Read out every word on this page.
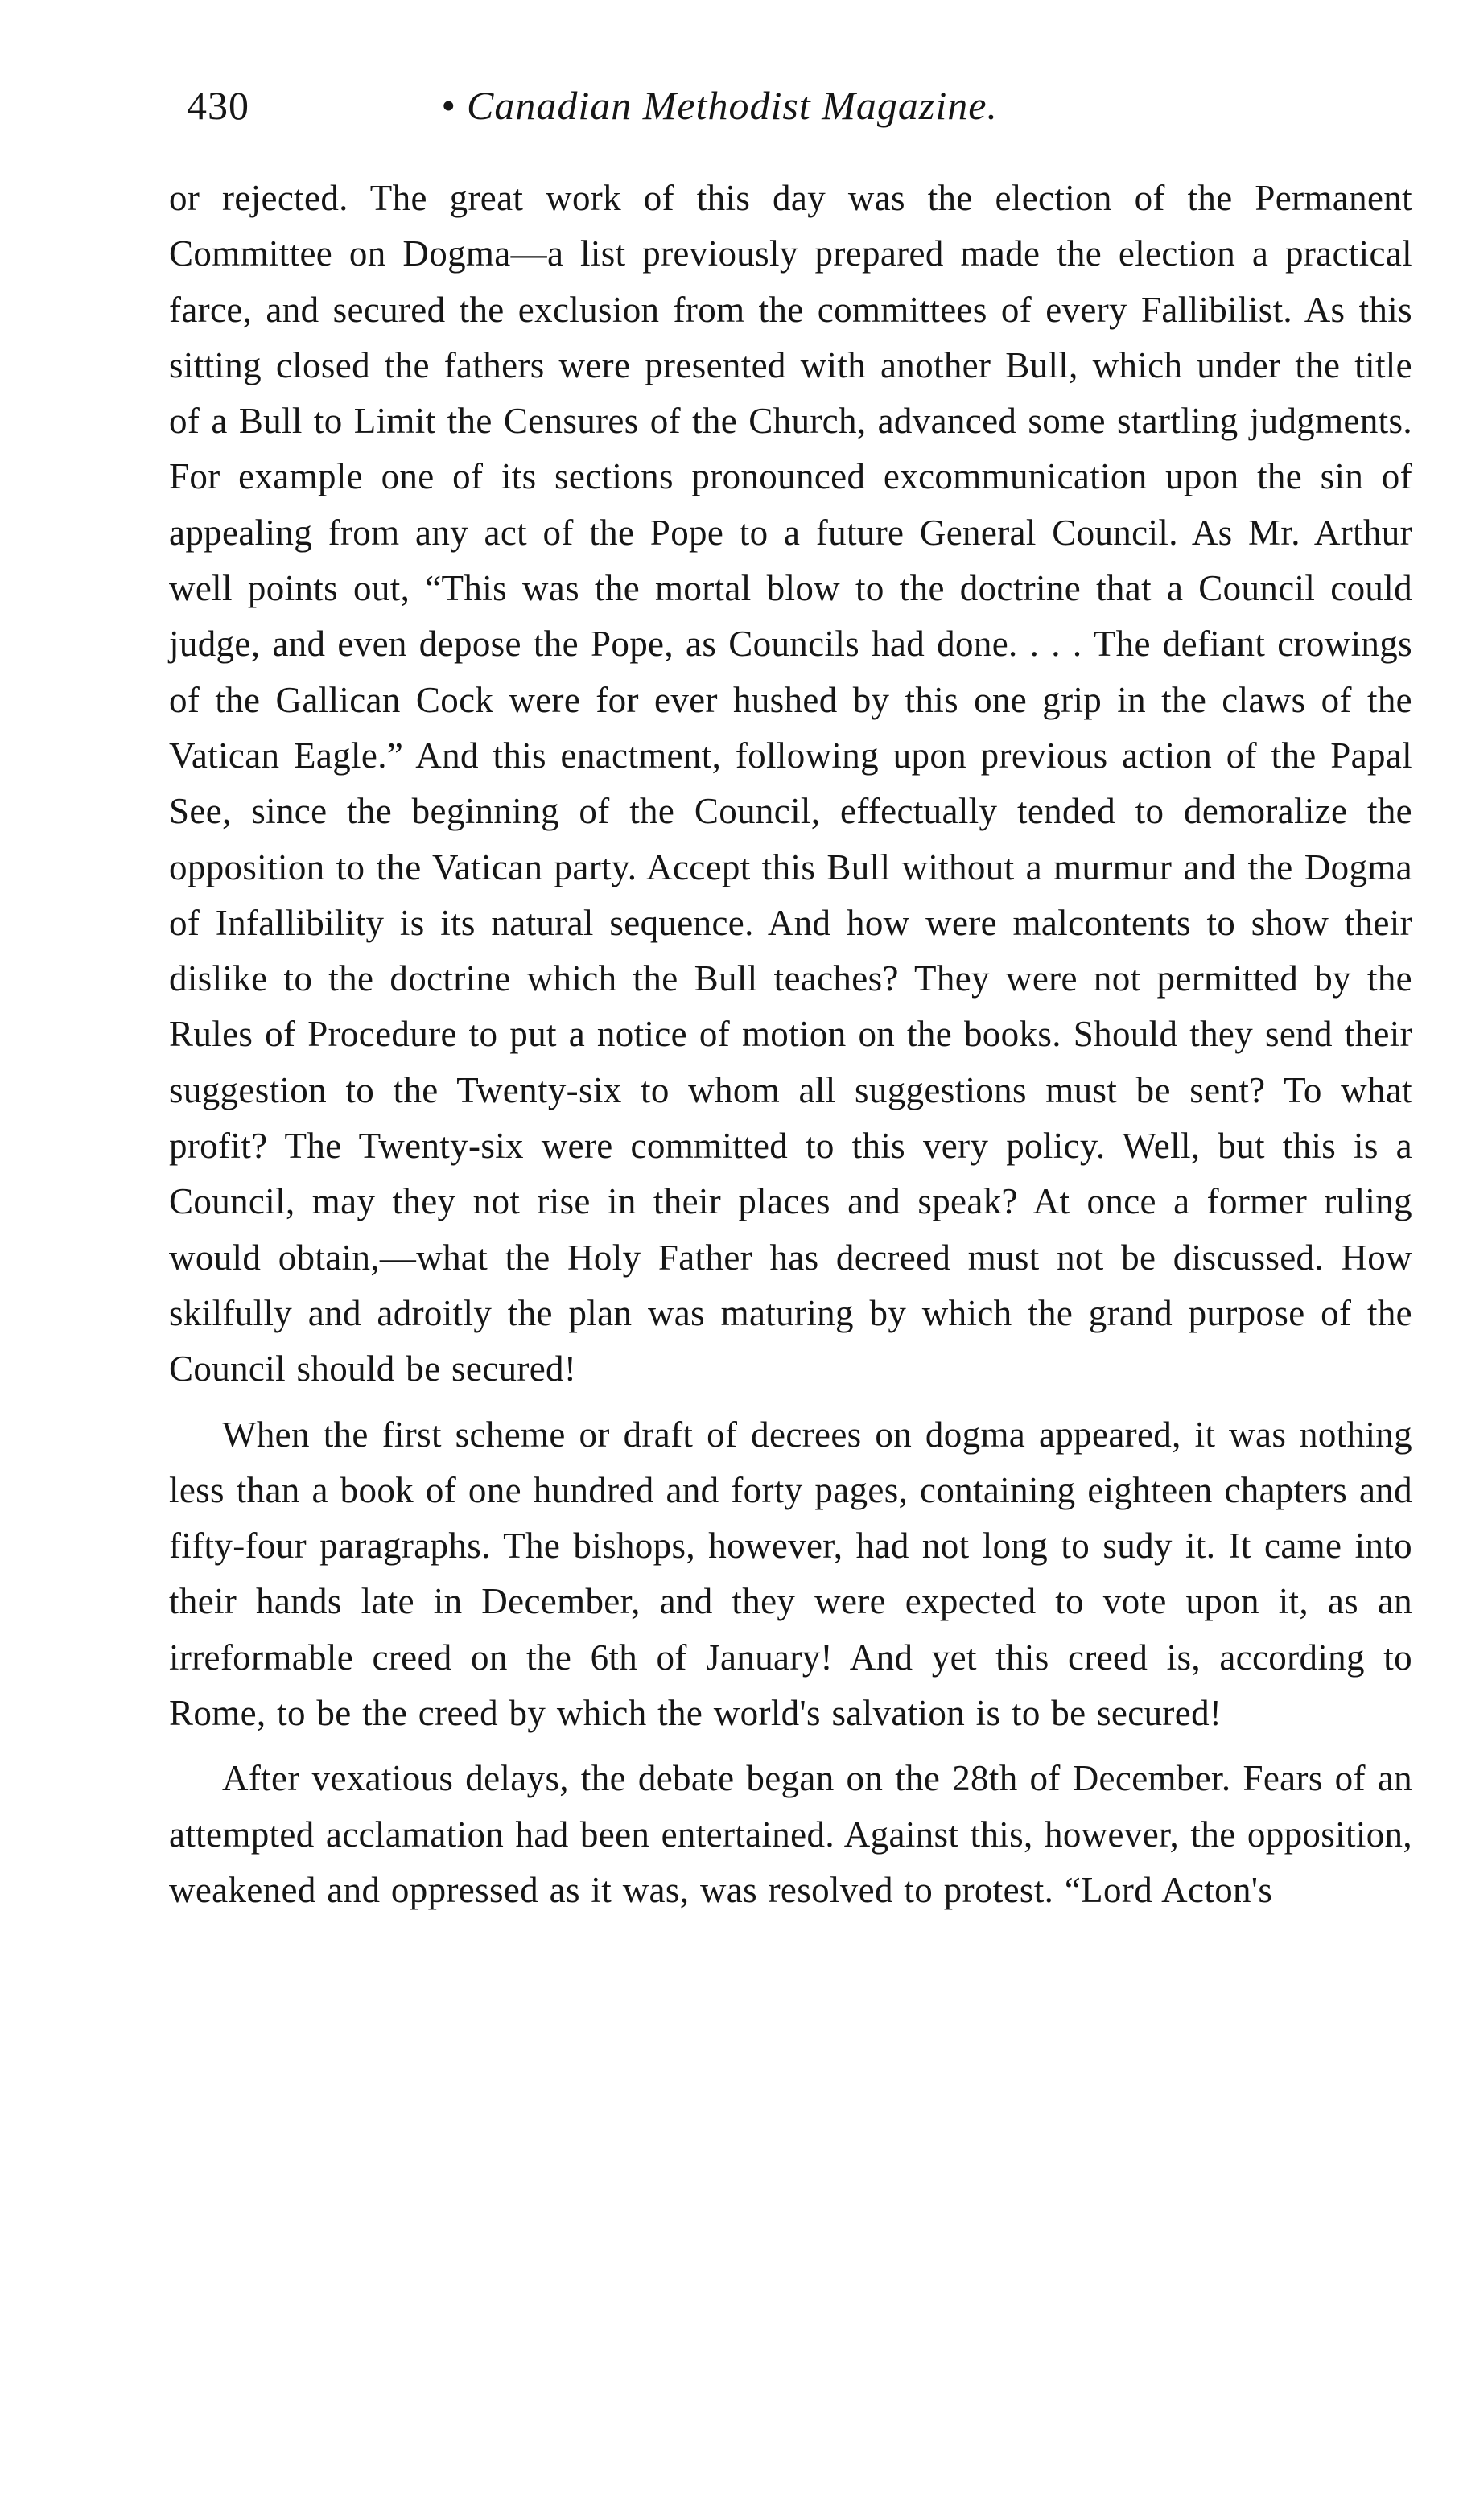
430	• Canadian Methodist Magazine.

or rejected. The great work of this day was the election of the Permanent Committee on Dogma—a list previously prepared made the election a practical farce, and secured the exclusion from the committees of every Fallibilist. As this sitting closed the fathers were presented with another Bull, which under the title of a Bull to Limit the Censures of the Church, advanced some startling judgments. For example one of its sections pronounced excommunication upon the sin of appealing from any act of the Pope to a future General Council. As Mr. Arthur well points out, “This was the mortal blow to the doctrine that a Council could judge, and even depose the Pope, as Councils had done. . . . The defiant crowings of the Gallican Cock were for ever hushed by this one grip in the claws of the Vatican Eagle.” And this enactment, following upon previous action of the Papal See, since the beginning of the Council, effectually tended to demoralize the opposition to the Vatican party. Accept this Bull without a murmur and the Dogma of Infallibility is its natural sequence. And how were malcontents to show their dislike to the doctrine which the Bull teaches? They were not permitted by the Rules of Procedure to put a notice of motion on the books. Should they send their suggestion to the Twenty-six to whom all suggestions must be sent? To what profit? The Twenty-six were committed to this very policy. Well, but this is a Council, may they not rise in their places and speak? At once a former ruling would obtain,—what the Holy Father has decreed must not be discussed. How skilfully and adroitly the plan was maturing by which the grand purpose of the Council should be secured!

When the first scheme or draft of decrees on dogma appeared, it was nothing less than a book of one hundred and forty pages, containing eighteen chapters and fifty-four paragraphs. The bishops, however, had not long to sudy it. It came into their hands late in December, and they were expected to vote upon it, as an irreformable creed on the 6th of January! And yet this creed is, according to Rome, to be the creed by which the world's salvation is to be secured!

After vexatious delays, the debate began on the 28th of December. Fears of an attempted acclamation had been entertained. Against this, however, the opposition, weakened and oppressed as it was, was resolved to protest. “Lord Acton's
